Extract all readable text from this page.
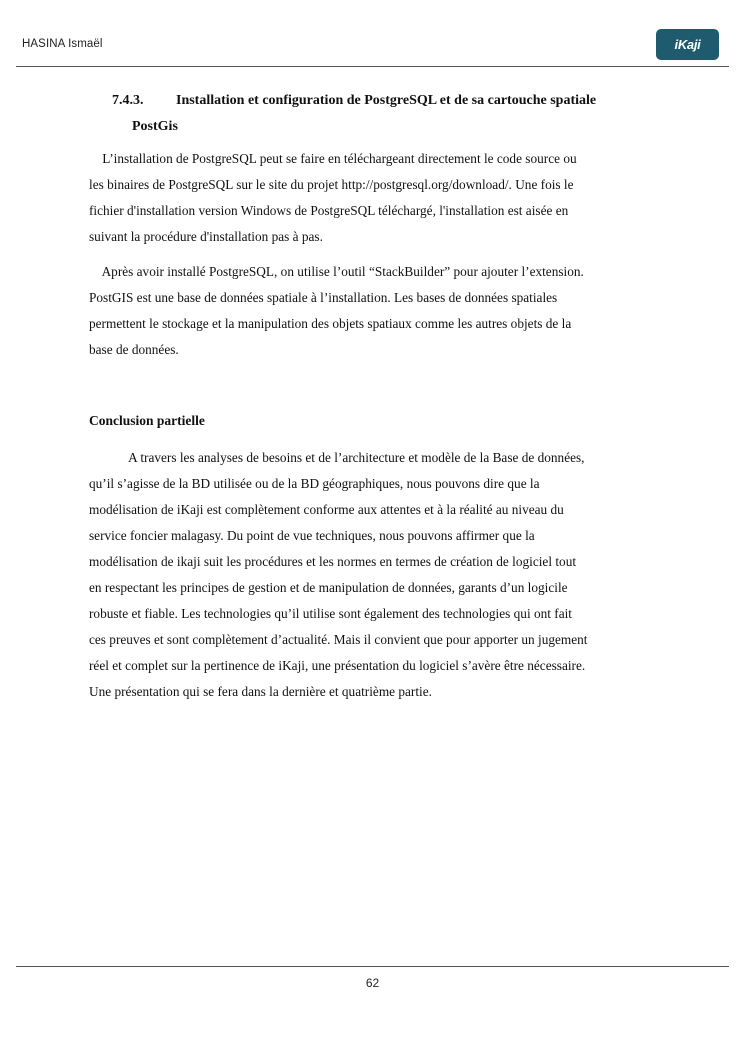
HASINA Ismaël	iKaji
7.4.3. Installation et configuration de PostgreSQL et de sa cartouche spatiale
PostGis
L’installation de PostgreSQL peut se faire en téléchargeant directement le code source ou
les binaires de PostgreSQL sur le site du projet http://postgresql.org/download/. Une fois le
fichier d'installation version Windows de PostgreSQL téléchargé, l'installation est aisée en
suivant la procédure d'installation pas à pas.
Après avoir installé PostgreSQL, on utilise l’outil “StackBuilder” pour ajouter l’extension.
PostGIS est une base de données spatiale à l’installation. Les bases de données spatiales
permettent le stockage et la manipulation des objets spatiaux comme les autres objets de la
base de données.
Conclusion partielle
A travers les analyses de besoins et de l’architecture et modèle de la Base de données,
qu’il s’agisse de la BD utilisée ou de la BD géographiques, nous pouvons dire que la
modélisation de iKaji est complètement conforme aux attentes et à la réalité au niveau du
service foncier malagasy. Du point de vue techniques, nous pouvons affirmer que la
modélisation de ikaji suit les procédures et les normes en termes de création de logiciel tout
en respectant les principes de gestion et de manipulation de données, garants d’un logicile
robuste et fiable. Les technologies qu’il utilise sont également des technologies qui ont fait
ces preuves et sont complètement d’actualité. Mais il convient que pour apporter un jugement
réel et complet sur la pertinence de iKaji, une présentation du logiciel s’avère être nécessaire.
Une présentation qui se fera dans la dernière et quatrième partie.
62
